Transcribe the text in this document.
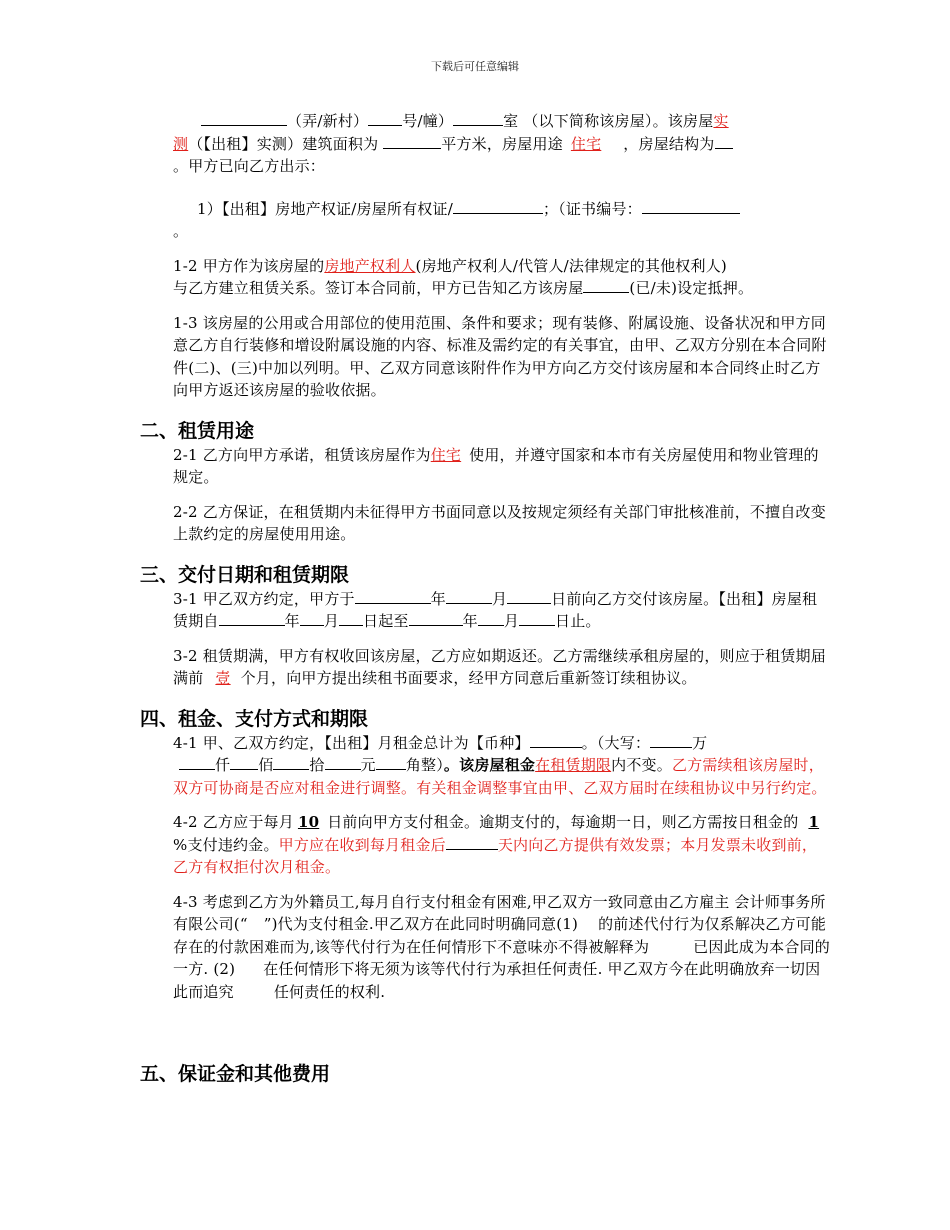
下载后可任意编辑

（弄/新村） 号/幢）	室 （以下简称该房屋）。该房屋实
测（【出租】实测）建筑面积为	平方米，房屋用途 住宅 ，房屋结构为
。甲方已向乙方出示：

1）【出租】房地产权证/房屋所有权证/	；（证书编号：

。

1-2 甲方作为该房屋的房地产权利人(房地产权利人/代管人/法律规定的其他权利人)
与乙方建立租赁关系。签订本合同前，甲方已告知乙方该房屋	(已/未)设定抵押。

1-3 该房屋的公用或合用部位的使用范围、条件和要求；现有装修、附属设施、设备状况和甲方同意乙方自行装修和增设附属设施的内容、标准及需约定的有关事宜，由甲、乙双方分别在本合同附件(二)、(三)中加以列明。甲、乙双方同意该附件作为甲方向乙方交付该房屋和本合同终止时乙方向甲方返还该房屋的验收依据。

二、租赁用途

2-1 乙方向甲方承诺，租赁该房屋作为住宅 使用，并遵守国家和本市有关房屋使用和物业管理的规定。

2-2 乙方保证，在租赁期内未征得甲方书面同意以及按规定须经有关部门审批核准前，不擅自改变上款约定的房屋使用用途。

三、交付日期和租赁期限

3-1 甲乙双方约定，甲方于	年	月	日前向乙方交付该房屋。【出租】房屋租赁期自	年 月 日起至	年 月 日止。

3-2 租赁期满，甲方有权收回该房屋，乙方应如期返还。乙方需继续承租房屋的，则应于租赁期届满前 壹 个月，向甲方提出续租书面要求，经甲方同意后重新签订续租协议。

四、租金、支付方式和期限

4-1 甲、乙双方约定，【出租】月租金总计为【币种】	。（大写：	万
仟 佰 拾 元 角整）。该房屋租金在租赁期限内不变。乙方需续租该房屋时，双方可协商是否应对租金进行调整。有关租金调整事宜由甲、乙双方届时在续租协议中另行约定。

4-2 乙方应于每月 10 日前向甲方支付租金。逾期支付的，每逾期一日，则乙方需按日租金的 1%支付违约金。甲方应在收到每月租金后	天内向乙方提供有效发票；本月发票未收到前，乙方有权拒付次月租金。

4-3 考虑到乙方为外籍员工,每月自行支付租金有困难,甲乙双方一致同意由乙方雇主 会计师事务所有限公司(“ ”)代为支付租金.甲乙双方在此同时明确同意(1) 的前述代付行为仅系解决乙方可能存在的付款困难而为,该等代付行为在任何情形下不意味亦不得被解释为	已因此成为本合同的一方. (2) 在任何情形下将无须为该等代付行为承担任何责任. 甲乙双方今在此明确放弃一切因此而追究	任何责任的权利.

五、保证金和其他费用
